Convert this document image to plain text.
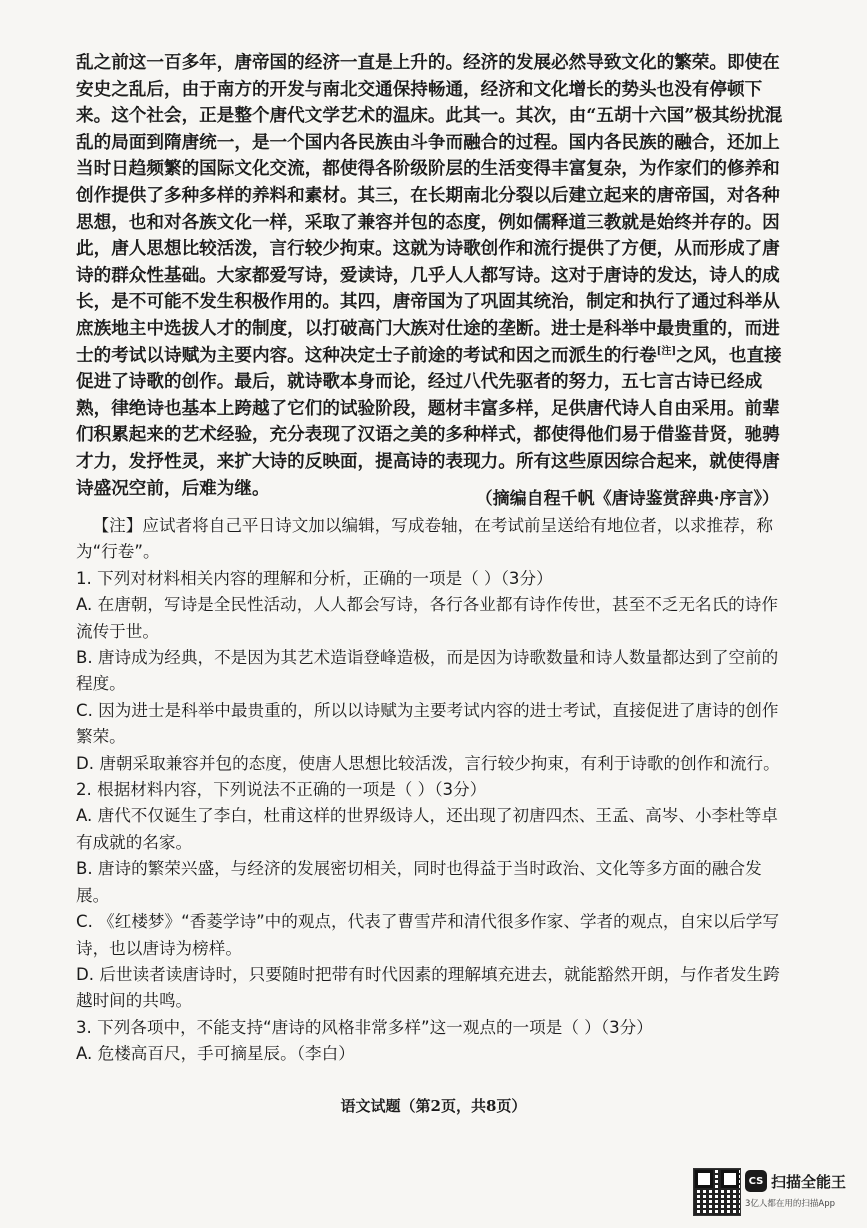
乱之前这一百多年，唐帝国的经济一直是上升的。经济的发展必然导致文化的繁荣。即使在安史之乱后，由于南方的开发与南北交通保持畅通，经济和文化增长的势头也没有停顿下来。这个社会，正是整个唐代文学艺术的温床。此其一。其次，由“五胡十六国”极其纷扰混乱的局面到隋唐统一，是一个国内各民族由斗争而融合的过程。国内各民族的融合，还加上当时日趋频繁的国际文化交流，都使得各阶级阶层的生活变得丰富复杂，为作家们的修养和创作提供了多种多样的养料和素材。其三，在长期南北分裂以后建立起来的唐帝国，对各种思想，也和对各族文化一样，采取了兼容并包的态度，例如儒释道三教就是始终并存的。因此，唐人思想比较活泼，言行较少拘束。这就为诗歌创作和流行提供了方便，从而形成了唐诗的群众性基础。大家都爱写诗，爱读诗，几乎人人都写诗。这对于唐诗的发达，诗人的成长，是不可能不发生积极作用的。其四，唐帝国为了巩固其统治，制定和执行了通过科举从庶族地主中选拔人才的制度，以打破高门大族对仕途的垄断。进士是科举中最贵重的，而进士的考试以诗赋为主要内容。这种决定士子前途的考试和因之而派生的行卷[注]之风，也直接促进了诗歌的创作。最后，就诗歌本身而论，经过八代先驱者的努力，五七言古诗已经成熟，律绝诗也基本上跨越了它们的试验阶段，题材丰富多样，足供唐代诗人自由采用。前辈们积累起来的艺术经验，充分表现了汉语之美的多种样式，都使得他们易于借鉴昔贤，驰骋才力，发抒性灵，来扩大诗的反映面，提高诗的表现力。所有这些原因综合起来，就使得唐诗盛况空前，后难为继。

（摘编自程千帆《唐诗鉴赏辞典·序言》）

【注】应试者将自己平日诗文加以编辑，写成卷轴，在考试前呈送给有地位者，以求推荐，称为“行卷”。

1. 下列对材料相关内容的理解和分析，正确的一项是（ ）（3分）

A. 在唐朝，写诗是全民性活动，人人都会写诗，各行各业都有诗作传世，甚至不乏无名氏的诗作流传于世。

B. 唐诗成为经典，不是因为其艺术造诣登峰造极，而是因为诗歌数量和诗人数量都达到了空前的程度。

C. 因为进士是科举中最贵重的，所以以诗赋为主要考试内容的进士考试，直接促进了唐诗的创作繁荣。

D. 唐朝采取兼容并包的态度，使唐人思想比较活泼，言行较少拘束，有利于诗歌的创作和流行。

2. 根据材料内容，下列说法不正确的一项是（ ）（3分）

A. 唐代不仅诞生了李白，杜甫这样的世界级诗人，还出现了初唐四杰、王孟、高岑、小李杜等卓有成就的名家。

B. 唐诗的繁荣兴盛，与经济的发展密切相关，同时也得益于当时政治、文化等多方面的融合发展。

C. 《红楼梦》“香菱学诗”中的观点，代表了曹雪芹和清代很多作家、学者的观点，自宋以后学写诗，也以唐诗为榜样。

D. 后世读者读唐诗时，只要随时把带有时代因素的理解填充进去，就能豁然开朗，与作者发生跨越时间的共鸣。

3. 下列各项中，不能支持“唐诗的风格非常多样”这一观点的一项是（ ）（3分）

A. 危楼高百尺，手可摘星辰。（李白）

语文试题（第2页，共8页）
CS 扫描全能王
3亿人都在用的扫描App
